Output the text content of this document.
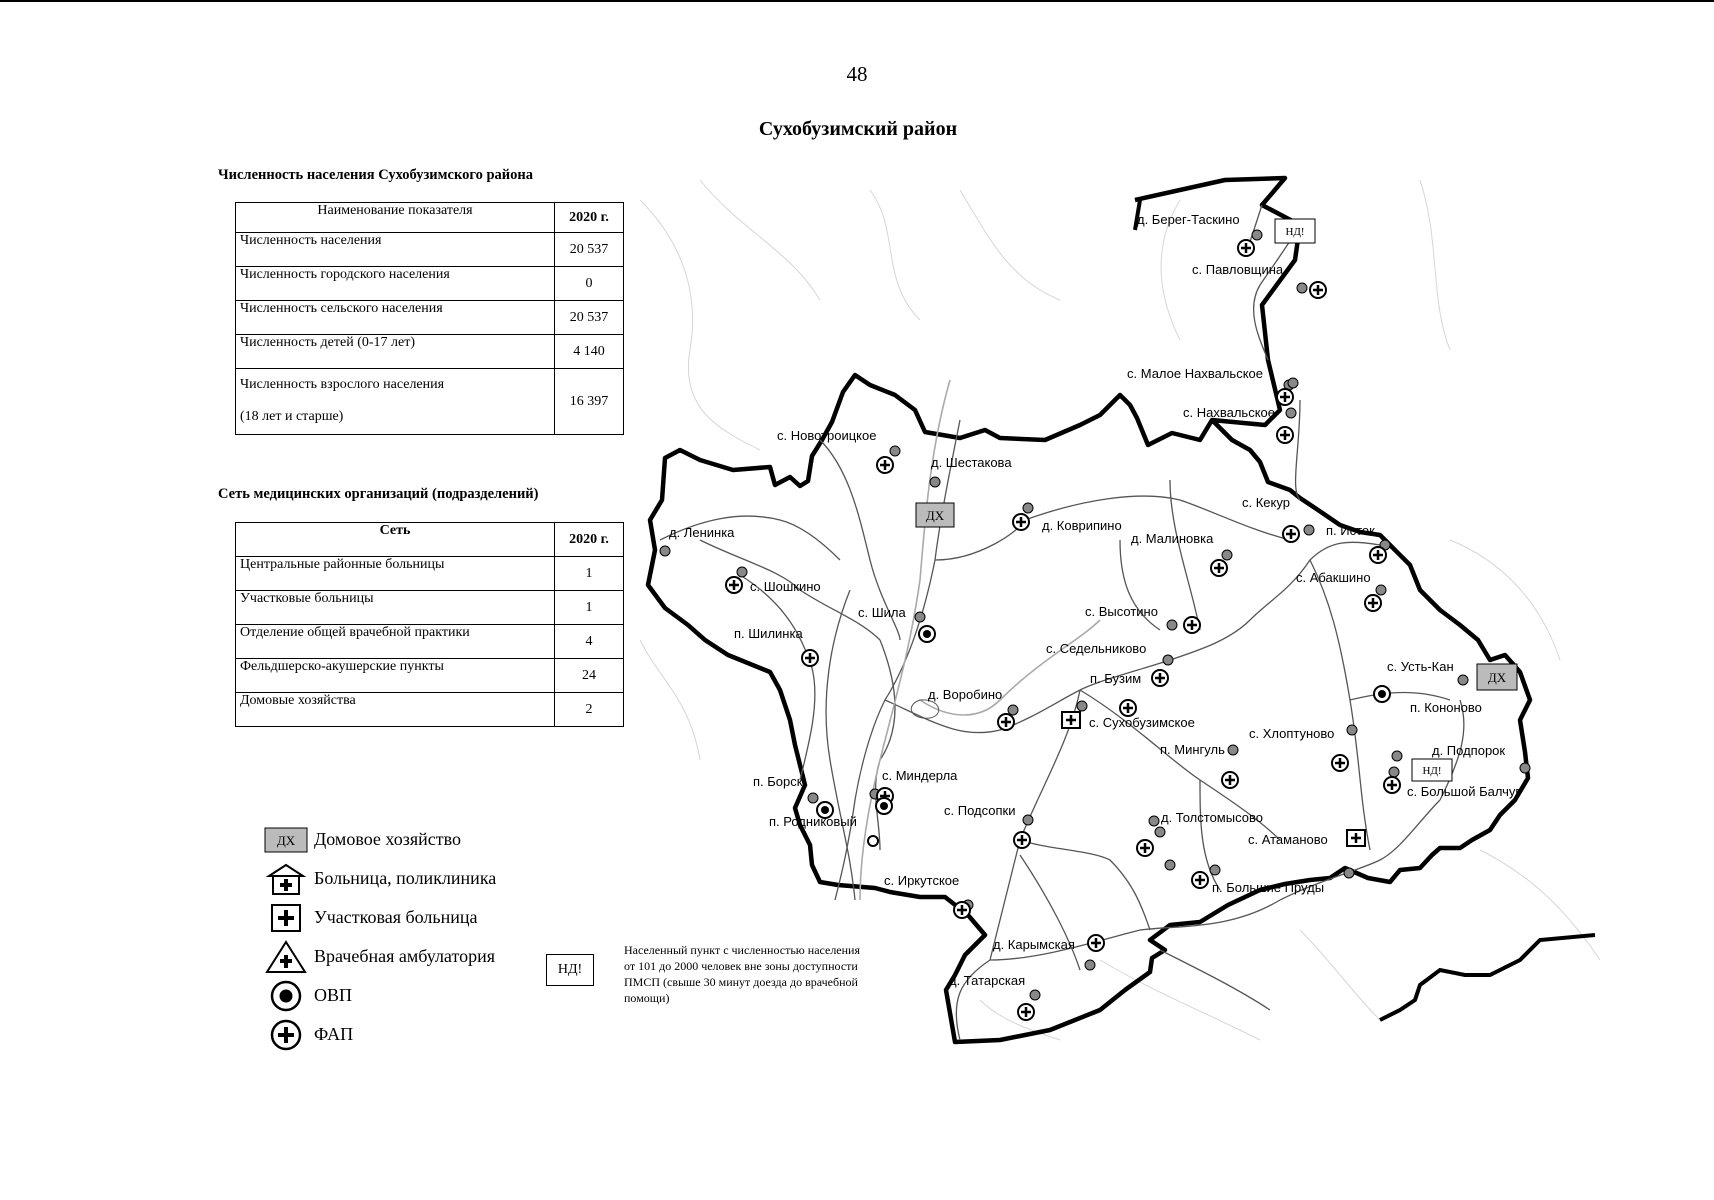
48
Сухобузимский район
Численность населения Сухобузимского района
Наименование показателя	2020 г.
Численность населения	20 537
Численность городского населения	0
Численность сельского населения	20 537
Численность детей (0-17 лет)	4 140

Численность взрослого населения
(18 лет и старше)	16 397
Сеть медицинских организаций (подразделений)
Сеть	2020 г.
Центральные районные больницы	1
Участковые больницы	1
Отделение общей врачебной практики	4
Фельдшерско-акушерские пункты	24
Домовые хозяйства	2
ДХ Домовое хозяйство
Больница, поликлиника
Участковая больница
Врачебная амбулатория
ОВП
ФАП
НД!
Населенный пункт с численностью населения от 101 до 2000 человек вне зоны доступности ПМСП (свыше 30 минут доезда до врачебной помощи)
ДХ
ДХ
НД!
НД!
д. Берег-Таскино
с. Павловщина
с. Малое Нахвальское
с. Нахвальское
с. Новотроицкое
д. Шестакова
д. Коврипино
д. Малиновка
с. Кекур
п. Исток
с. Абакшино
д. Ленинка
с. Шошкино
с. Шила	с. Высотино
п. Шилинка
с. Седельниково
д. Воробино
п. Бузим
с. Усть-Кан
с. Сухобузимское
п. Кононово
с. Хлоптуново
п. Мингуль	д. Подпорок
с. Большой Балчуг
п. Борск	с. Миндерла
п. Родниковый
с. Подсопки	д. Толстомысово
с. Атаманово
с. Иркутское	п. Большие Пруды
д. Карымская
д. Татарская
